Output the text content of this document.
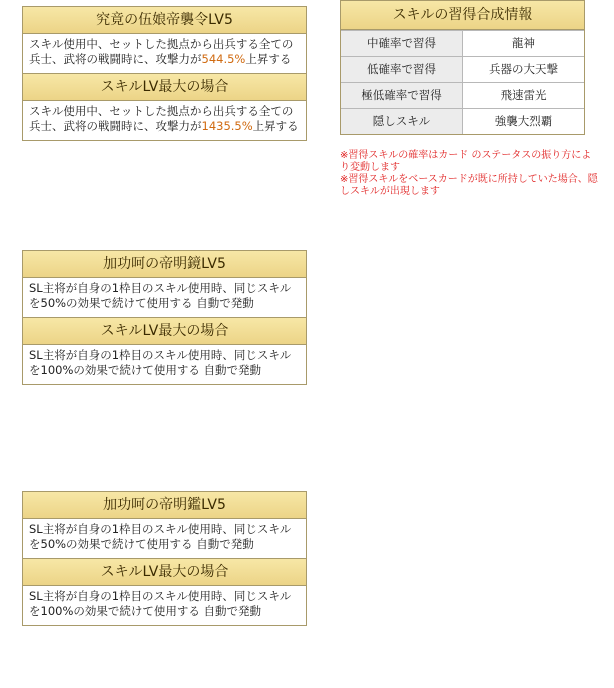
究竟の伍娘帝襲令LV5
スキル使用中、セットした拠点から出兵する全ての兵士、武将の戦闘時に、攻撃力が544.5%上昇する
スキルLV最大の場合
スキル使用中、セットした拠点から出兵する全ての兵士、武将の戦闘時に、攻撃力が1435.5%上昇する
加功呵の帝明鏡LV5
SL主将が自身の1枠目のスキル使用時、同じスキルを50%の効果で続けて使用する 自動で発動
スキルLV最大の場合
SL主将が自身の1枠目のスキル使用時、同じスキルを100%の効果で続けて使用する 自動で発動
加功呵の帝明鑑LV5
SL主将が自身の1枠目のスキル使用時、同じスキルを50%の効果で続けて使用する 自動で発動
スキルLV最大の場合
SL主将が自身の1枠目のスキル使用時、同じスキルを100%の効果で続けて使用する 自動で発動
スキルの習得合成情報
中確率で習得	龍神
低確率で習得	兵器の大天撃
極低確率で習得	飛速雷光
隠しスキル	強襲大烈覇
※習得スキルの確率はカード のステータスの振り方により変動します
※習得スキルをベースカードが既に所持していた場合、隠しスキルが出現します
